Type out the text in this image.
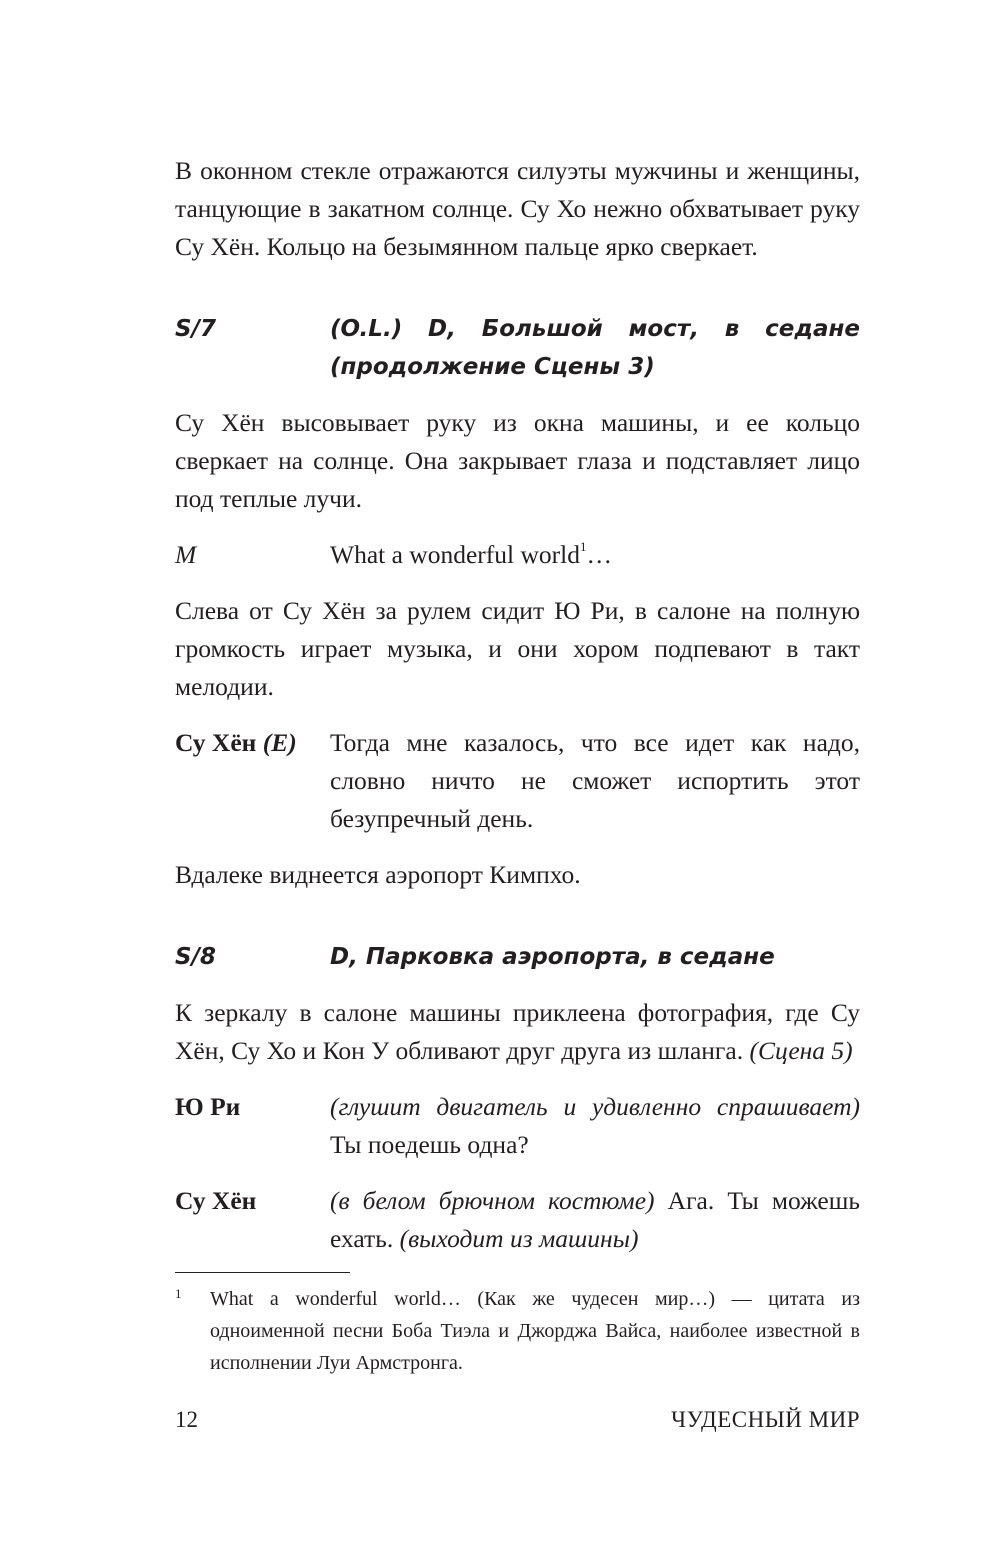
В оконном стекле отражаются силуэты мужчины и женщины, танцующие в закатном солнце. Су Хо нежно обхватывает руку Су Хён. Кольцо на безымянном пальце ярко сверкает.

S/7	(O.L.) D, Большой мост, в седане (продолжение Сцены 3)

Су Хён высовывает руку из окна машины, и ее кольцо сверкает на солнце. Она закрывает глаза и подставляет лицо под теплые лучи.

M	What a wonderful world$^1$…

Слева от Су Хён за рулем сидит Ю Ри, в салоне на полную громкость играет музыка, и они хором подпевают в такт мелодии.

Су Хён (E)	Тогда мне казалось, что все идет как надо, словно ничто не сможет испортить этот безупречный день.

Вдалеке виднеется аэропорт Кимпхо.

S/8	D, Парковка аэропорта, в седане

К зеркалу в салоне машины приклеена фотография, где Су Хён, Су Хо и Кон У обливают друг друга из шланга. (Сцена 5)

Ю Ри	(глушит двигатель и удивленно спрашивает) Ты поедешь одна?
Су Хён	(в белом брючном костюме) Ага. Ты можешь ехать. (выходит из машины)
1	What a wonderful world… (Как же чудесен мир…) — цитата из одноименной песни Боба Тиэла и Джорджа Вайса, наиболее известной в исполнении Луи Армстронга.
12	ЧУДЕСНЫЙ МИР
